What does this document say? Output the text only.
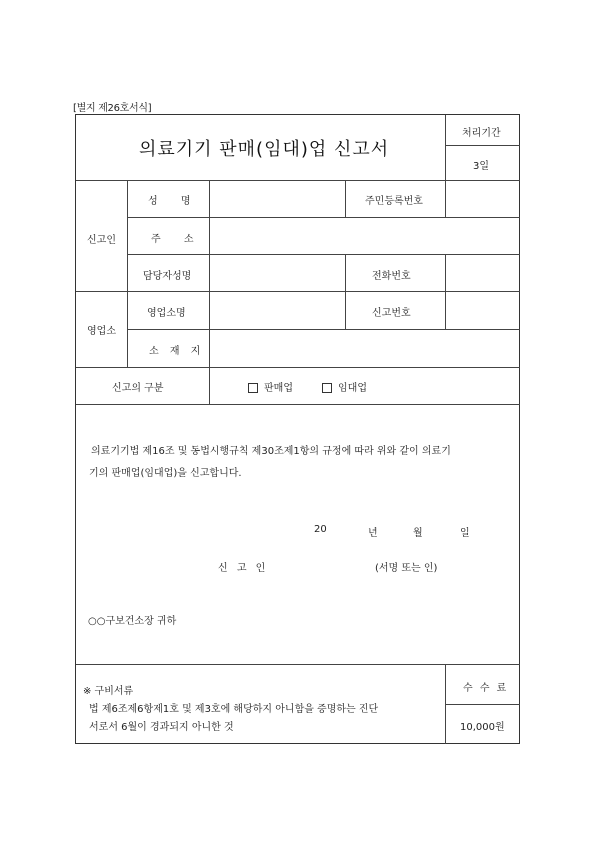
[별지 제26호서식]
의료기기 판매(임대)업 신고서
처리기간
3일
신고인
성 명	주민등록번호
주 소
담당자성명	전화번호
영업소
영업소명	신고번호
소 재 지
신고의 구분	판매업	임대업
의료기기법 제16조 및 동법시행규칙 제30조제1항의 규정에 따라 위와 같이 의료기
기의 판매업(임대업)을 신고합니다.
20	년	월	일
신 고 인	(서명 또는 인)
○○구보건소장 귀하
※ 구비서류
법 제6조제6항제1호 및 제3호에 해당하지 아니함을 증명하는 진단
서로서 6월이 경과되지 아니한 것
수 수 료
10,000원
